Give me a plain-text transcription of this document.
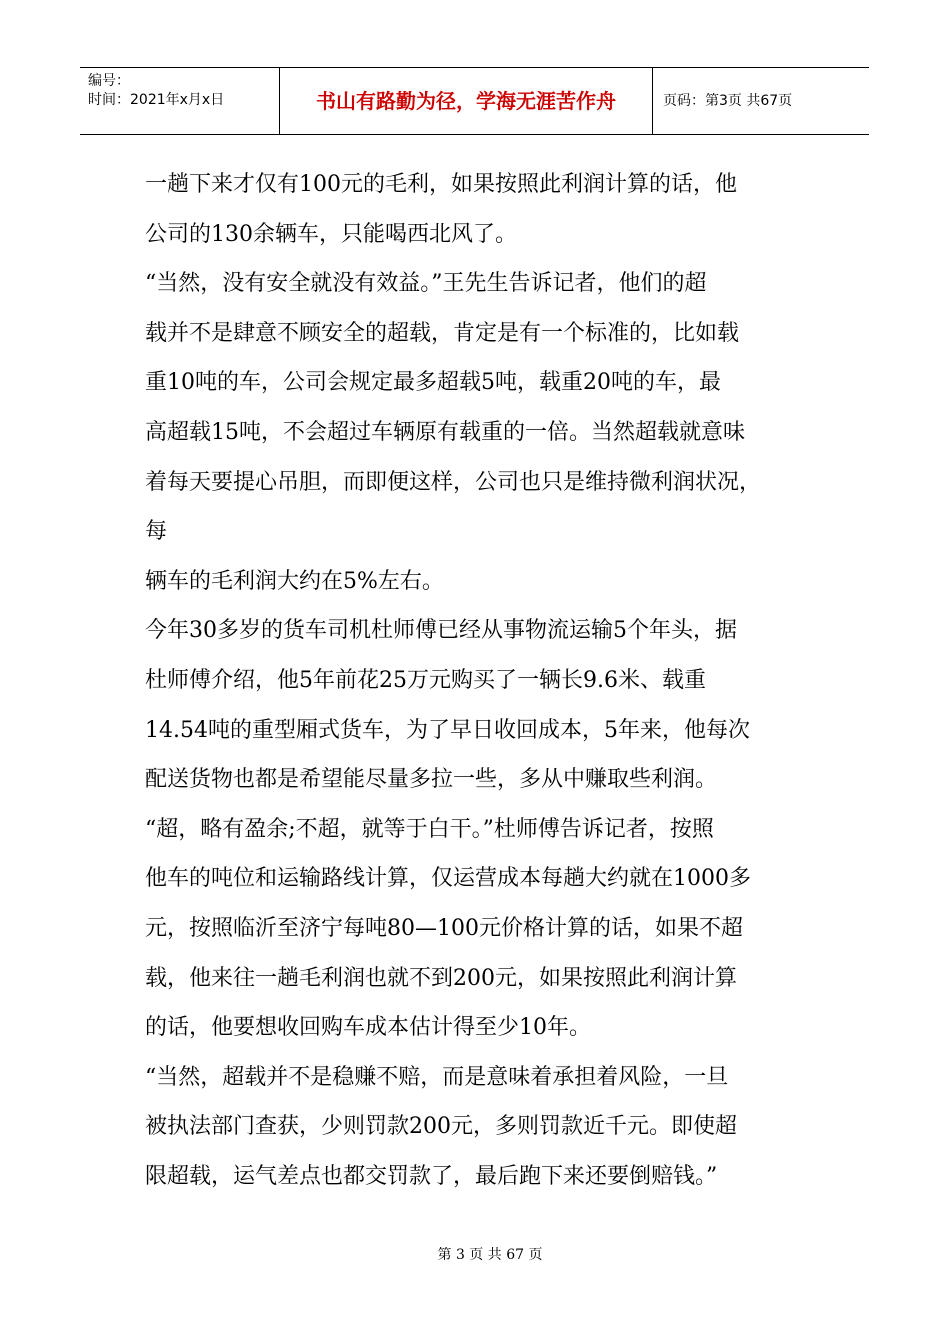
编号：
时间：2021年x月x日	书山有路勤为径，学海无涯苦作舟	页码：第3页 共67页
一趟下来才仅有100元的毛利，如果按照此利润计算的话，他
公司的130余辆车，只能喝西北风了。
“当然，没有安全就没有效益。”王先生告诉记者，他们的超
载并不是肆意不顾安全的超载，肯定是有一个标准的，比如载
重10吨的车，公司会规定最多超载5吨，载重20吨的车，最
高超载15吨，不会超过车辆原有载重的一倍。当然超载就意味
着每天要提心吊胆，而即便这样，公司也只是维持微利润状况，
每
辆车的毛利润大约在5%左右。
今年30多岁的货车司机杜师傅已经从事物流运输5个年头，据
杜师傅介绍，他5年前花25万元购买了一辆长9.6米、载重
14.54吨的重型厢式货车，为了早日收回成本，5年来，他每次
配送货物也都是希望能尽量多拉一些，多从中赚取些利润。
“超，略有盈余;不超，就等于白干。”杜师傅告诉记者，按照
他车的吨位和运输路线计算，仅运营成本每趟大约就在1000多
元，按照临沂至济宁每吨80—100元价格计算的话，如果不超
载，他来往一趟毛利润也就不到200元，如果按照此利润计算
的话，他要想收回购车成本估计得至少10年。
“当然，超载并不是稳赚不赔，而是意味着承担着风险，一旦
被执法部门查获，少则罚款200元，多则罚款近千元。即使超
限超载，运气差点也都交罚款了，最后跑下来还要倒赔钱。”
第 3 页 共 67 页
